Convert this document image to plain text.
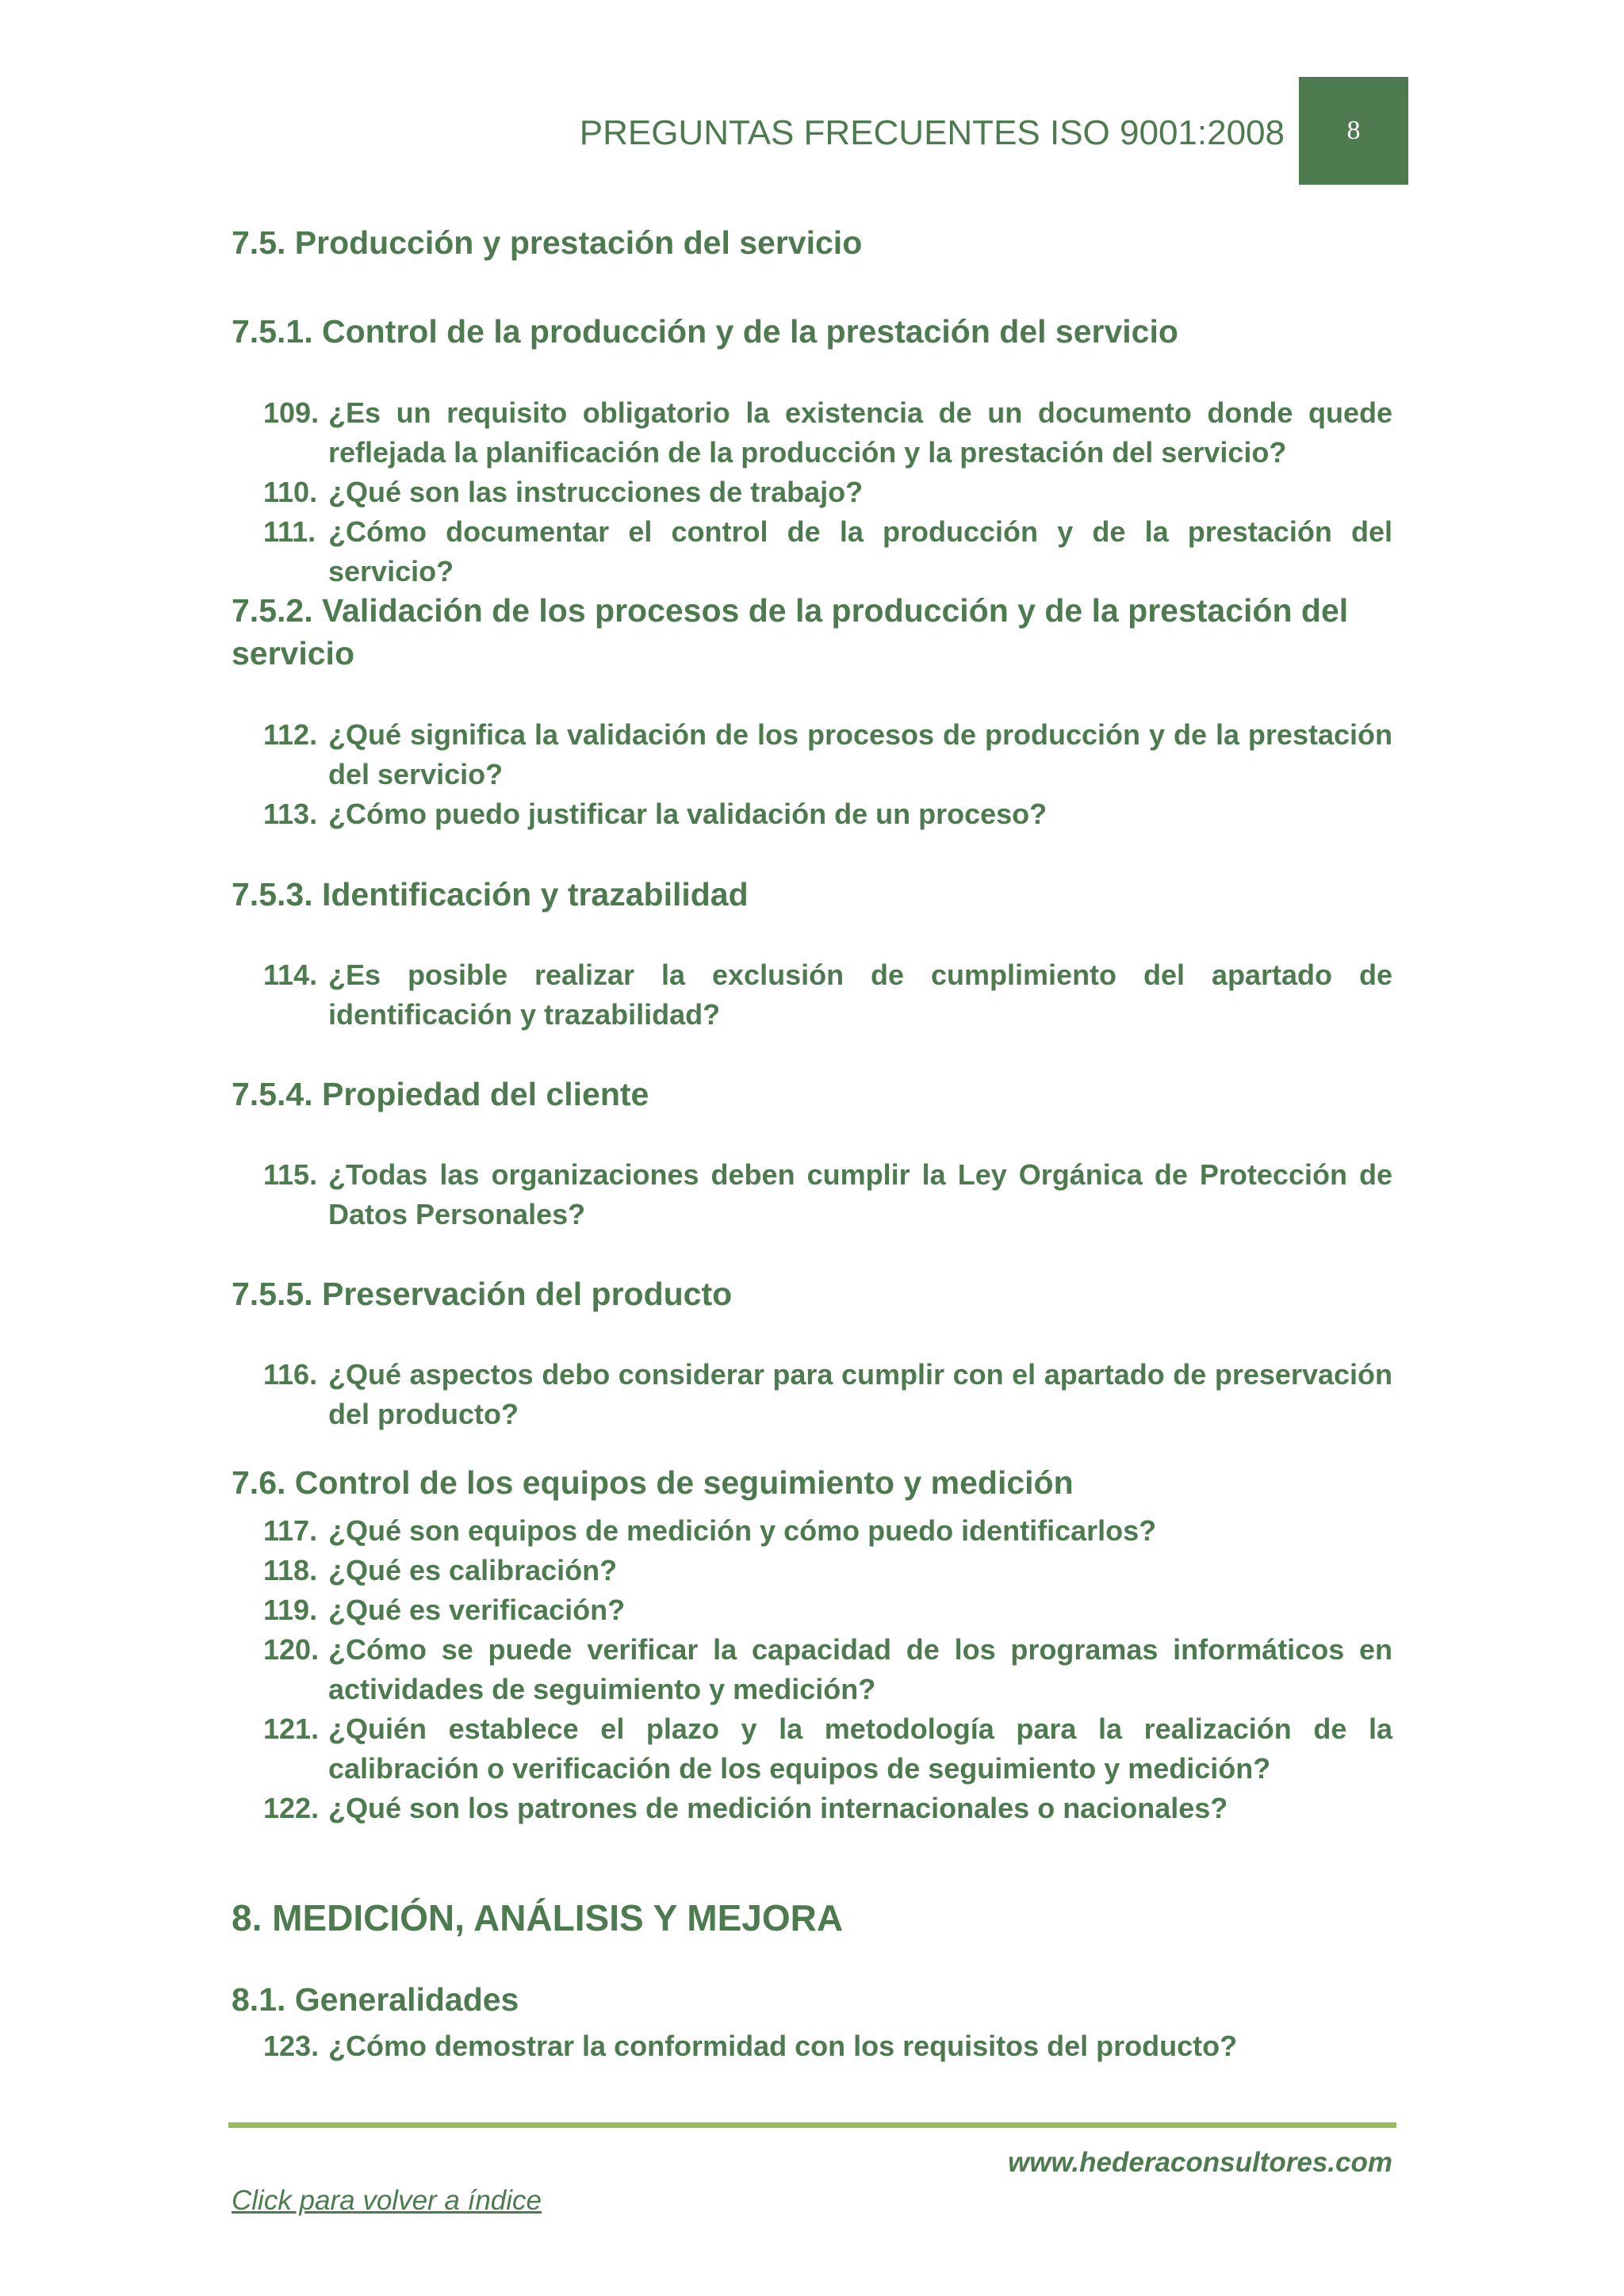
PREGUNTAS FRECUENTES ISO 9001:2008	8
7.5. Producción y prestación del servicio
7.5.1. Control de la producción y de la prestación del servicio
109. ¿Es un requisito obligatorio la existencia de un documento donde quede reflejada la planificación de la producción y la prestación del servicio?
110. ¿Qué son las instrucciones de trabajo?
111. ¿Cómo documentar el control de la producción y de la prestación del servicio?
7.5.2. Validación de los procesos de la producción y de la prestación del servicio
112. ¿Qué significa la validación de los procesos de producción y de la prestación del servicio?
113. ¿Cómo puedo justificar la validación de un proceso?
7.5.3. Identificación y trazabilidad
114. ¿Es posible realizar la exclusión de cumplimiento del apartado de identificación y trazabilidad?
7.5.4. Propiedad del cliente
115. ¿Todas las organizaciones deben cumplir la Ley Orgánica de Protección de Datos Personales?
7.5.5. Preservación del producto
116. ¿Qué aspectos debo considerar para cumplir con el apartado de preservación del producto?
7.6. Control de los equipos de seguimiento y medición
117. ¿Qué son equipos de medición y cómo puedo identificarlos?
118. ¿Qué es calibración?
119. ¿Qué es verificación?
120. ¿Cómo se puede verificar la capacidad de los programas informáticos en actividades de seguimiento y medición?
121. ¿Quién establece el plazo y la metodología para la realización de la calibración o verificación de los equipos de seguimiento y medición?
122. ¿Qué son los patrones de medición internacionales o nacionales?
8. MEDICIÓN, ANÁLISIS Y MEJORA
8.1. Generalidades
123. ¿Cómo demostrar la conformidad con los requisitos del producto?
www.hederaconsultores.com
Click para volver a índice
